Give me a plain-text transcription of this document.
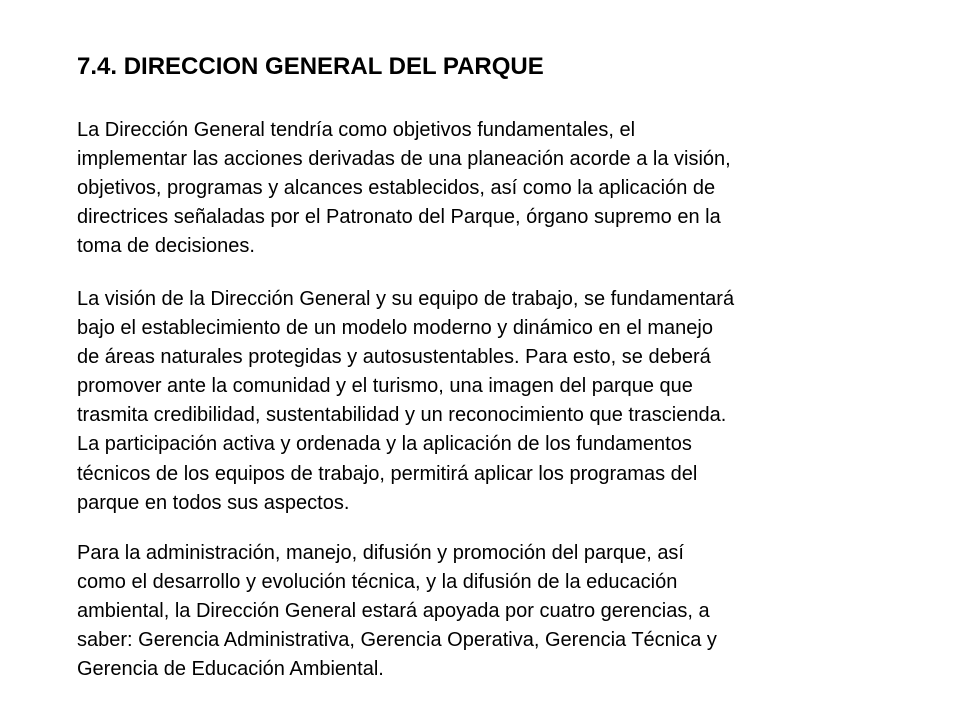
7.4. DIRECCION GENERAL DEL PARQUE

La Dirección General tendría como objetivos fundamentales, el
implementar las acciones derivadas de una planeación acorde a la visión,
objetivos, programas y alcances establecidos, así como la aplicación de
directrices señaladas por el Patronato del Parque, órgano supremo en la
toma de decisiones.

La visión de la Dirección General y su equipo de trabajo, se fundamentará
bajo el establecimiento de un modelo moderno y dinámico en el manejo
de áreas naturales protegidas y autosustentables. Para esto, se deberá
promover ante la comunidad y el turismo, una imagen del parque que
trasmita credibilidad, sustentabilidad y un reconocimiento que trascienda.
La participación activa y ordenada y la aplicación de los fundamentos
técnicos de los equipos de trabajo, permitirá aplicar los programas del
parque en todos sus aspectos.

Para la administración, manejo, difusión y promoción del parque, así
como el desarrollo y evolución técnica, y la difusión de la educación
ambiental, la Dirección General estará apoyada por cuatro gerencias, a
saber: Gerencia Administrativa, Gerencia Operativa, Gerencia Técnica y
Gerencia de Educación Ambiental.
